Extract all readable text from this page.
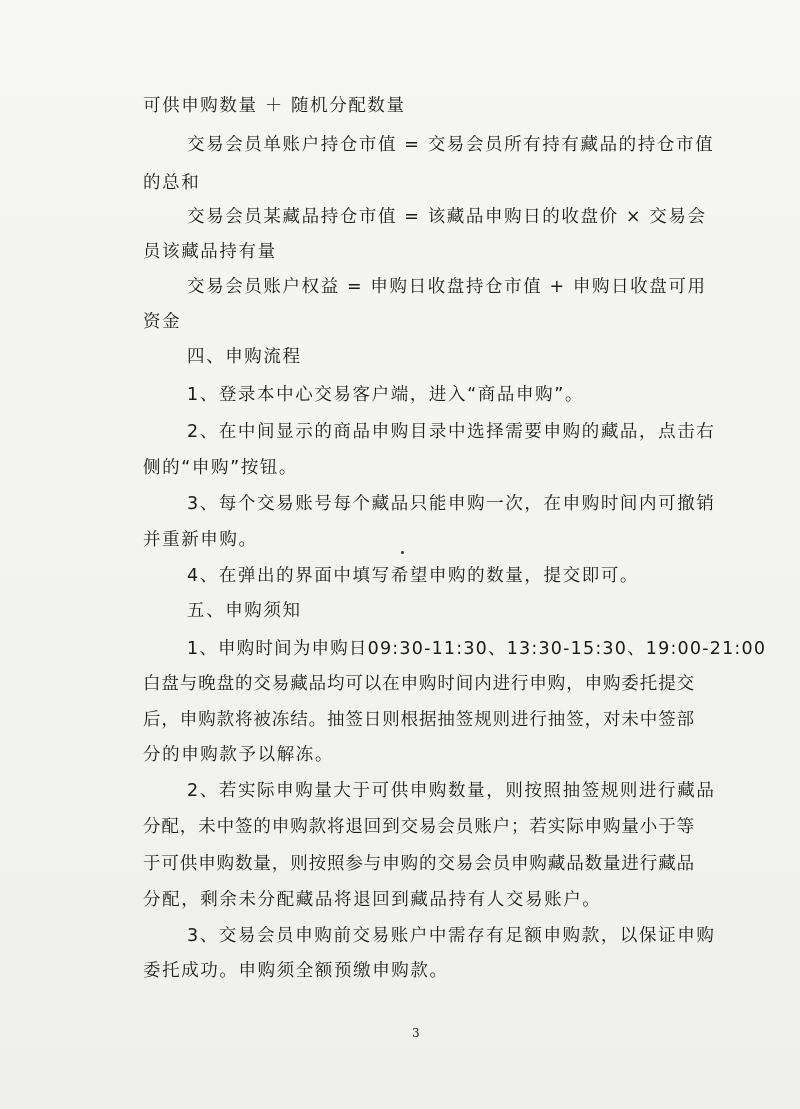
可供申购数量 ＋ 随机分配数量
交易会员单账户持仓市值 = 交易会员所有持有藏品的持仓市值
的总和
交易会员某藏品持仓市值 = 该藏品申购日的收盘价 × 交易会
员该藏品持有量
交易会员账户权益 = 申购日收盘持仓市值 + 申购日收盘可用
资金
四、申购流程
1、登录本中心交易客户端，进入“商品申购”。
2、在中间显示的商品申购目录中选择需要申购的藏品，点击右
侧的“申购”按钮。
3、每个交易账号每个藏品只能申购一次，在申购时间内可撤销
并重新申购。
4、在弹出的界面中填写希望申购的数量，提交即可。
五、申购须知
1、申购时间为申购日09:30-11:30、13:30-15:30、19:00-21:00
白盘与晚盘的交易藏品均可以在申购时间内进行申购，申购委托提交
后，申购款将被冻结。抽签日则根据抽签规则进行抽签，对未中签部
分的申购款予以解冻。
2、若实际申购量大于可供申购数量，则按照抽签规则进行藏品
分配，未中签的申购款将退回到交易会员账户；若实际申购量小于等
于可供申购数量，则按照参与申购的交易会员申购藏品数量进行藏品
分配，剩余未分配藏品将退回到藏品持有人交易账户。
3、交易会员申购前交易账户中需存有足额申购款，以保证申购
委托成功。申购须全额预缴申购款。
3
